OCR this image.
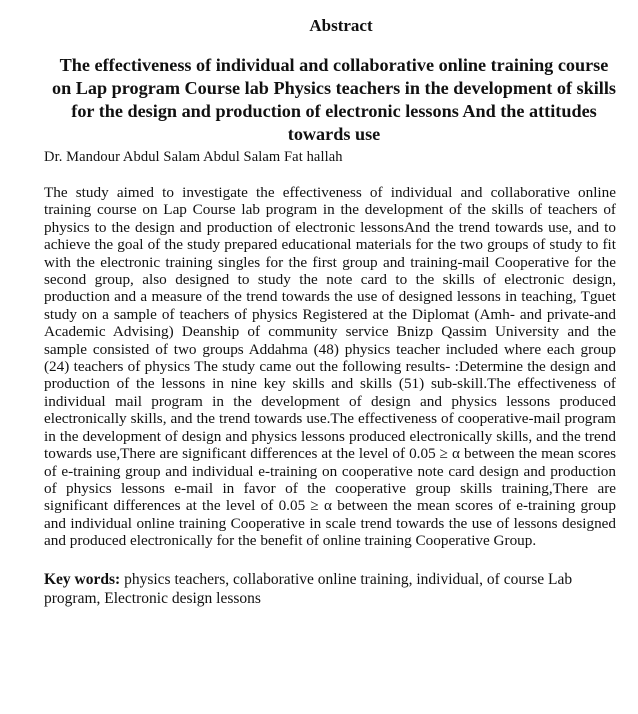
Abstract
The effectiveness of individual and collaborative online training course on Lap program Course lab Physics teachers in the development of skills for the design and production of electronic lessons And the attitudes towards use
Dr. Mandour Abdul Salam Abdul Salam Fat hallah

The study aimed to investigate the effectiveness of individual and collaborative online training course on Lap Course lab program in the development of the skills of teachers of physics to the design and production of electronic lessonsAnd the trend towards use, and to achieve the goal of the study prepared educational materials for the two groups of study to fit with the electronic training singles for the first group and training-mail Cooperative for the second group, also designed to study the note card to the skills of electronic design, production and a measure of the trend towards the use of designed lessons in teaching, Tguet study on a sample of teachers of physics Registered at the Diplomat (Amh- and private-and Academic Advising) Deanship of community service Bnizp Qassim University and the sample consisted of two groups Addahma (48) physics teacher included where each group (24) teachers of physics The study came out the following results- :Determine the design and production of the lessons in nine key skills and skills (51) sub-skill.The effectiveness of individual mail program in the development of design and physics lessons produced electronically skills, and the trend towards use.The effectiveness of cooperative-mail program in the development of design and physics lessons produced electronically skills, and the trend towards use,There are significant differences at the level of 0.05 ≥ α between the mean scores of e-training group and individual e-training on cooperative note card design and production of physics lessons e-mail in favor of the cooperative group skills training,There are significant differences at the level of 0.05 ≥ α between the mean scores of e-training group and individual online training Cooperative in scale trend towards the use of lessons designed and produced electronically for the benefit of online training Cooperative Group.

Key words: physics teachers, collaborative online training, individual, of course Lab program, Electronic design lessons
